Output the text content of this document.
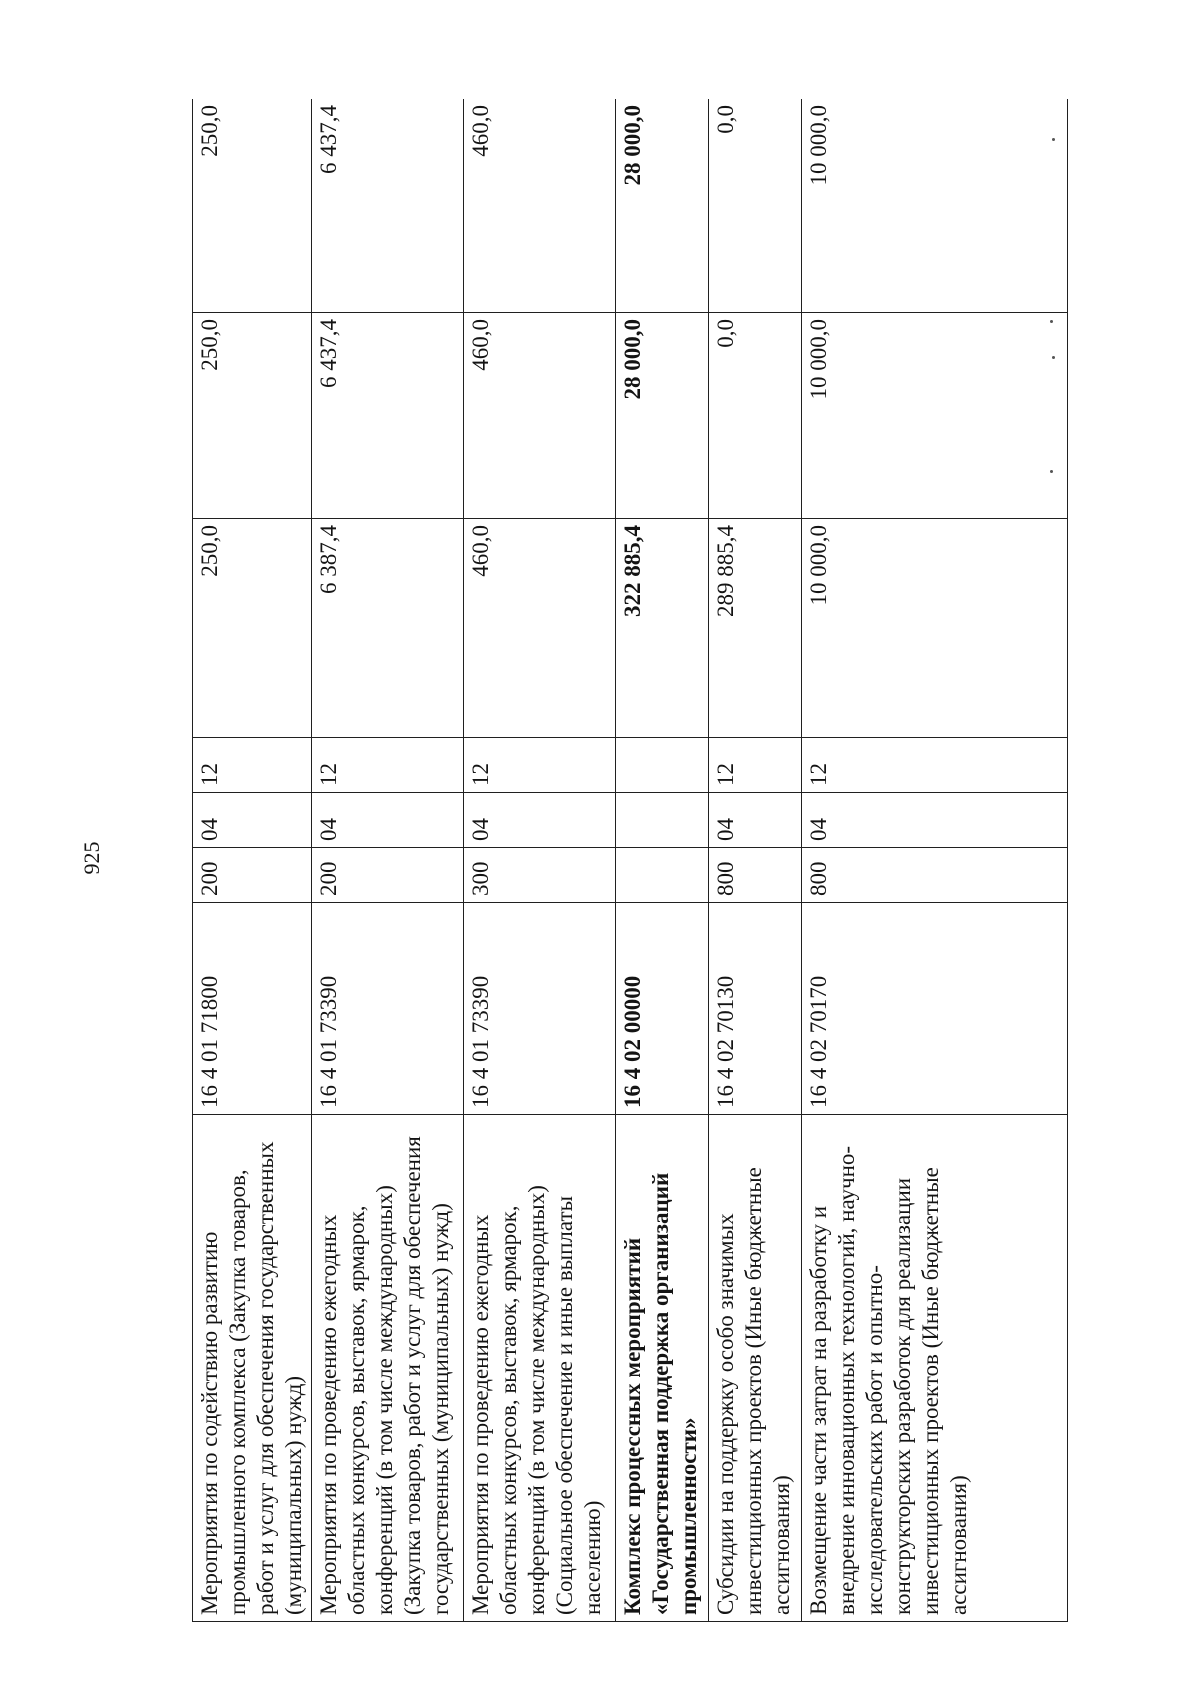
925
Мероприятия по содействию развитию промышленного комплекса (Закупка товаров, работ и услуг для обеспечения государственных (муниципальных) нужд)	16 4 01 71800	200	04	12	250,0	250,0	250,0
Мероприятия по проведению ежегодных областных конкурсов, выставок, ярмарок, конференций (в том числе международных) (Закупка товаров, работ и услуг для обеспечения государственных (муниципальных) нужд)	16 4 01 73390	200	04	12	6 387,4	6 437,4	6 437,4
Мероприятия по проведению ежегодных областных конкурсов, выставок, ярмарок, конференций (в том числе международных) (Социальное обеспечение и иные выплаты населению)	16 4 01 73390	300	04	12	460,0	460,0	460,0
Комплекс процессных мероприятий «Государственная поддержка организаций промышленности»	16 4 02 00000				322 885,4	28 000,0	28 000,0
Субсидии на поддержку особо значимых инвестиционных проектов (Иные бюджетные ассигнования)	16 4 02 70130	800	04	12	289 885,4	0,0	0,0
Возмещение части затрат на разработку и внедрение инновационных технологий, научно-исследовательских работ и опытно-конструкторских разработок для реализации инвестиционных проектов (Иные бюджетные ассигнования)	16 4 02 70170	800	04	12	10 000,0	10 000,0	10 000,0
